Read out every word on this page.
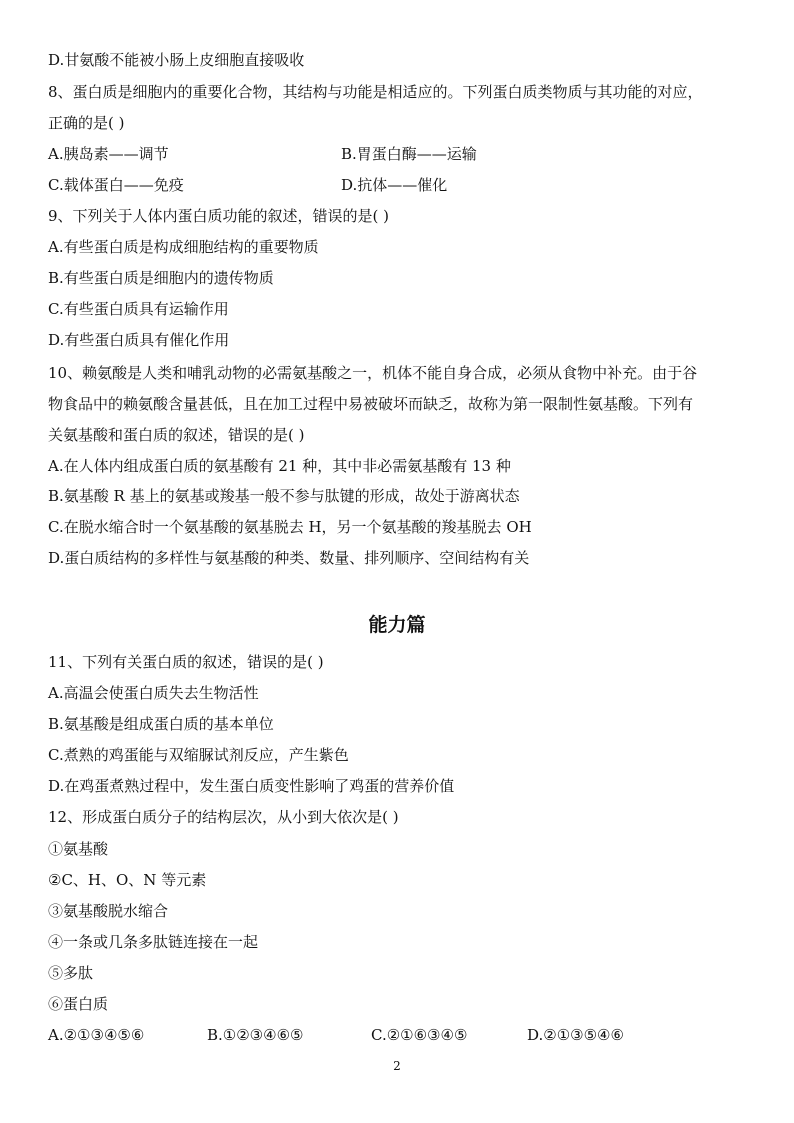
D.甘氨酸不能被小肠上皮细胞直接吸收
8、蛋白质是细胞内的重要化合物，其结构与功能是相适应的。下列蛋白质类物质与其功能的对应，
正确的是( )
A.胰岛素——调节	B.胃蛋白酶——运输
C.载体蛋白——免疫	D.抗体——催化
9、下列关于人体内蛋白质功能的叙述，错误的是( )
A.有些蛋白质是构成细胞结构的重要物质
B.有些蛋白质是细胞内的遗传物质
C.有些蛋白质具有运输作用
D.有些蛋白质具有催化作用
10、赖氨酸是人类和哺乳动物的必需氨基酸之一，机体不能自身合成，必须从食物中补充。由于谷
物食品中的赖氨酸含量甚低，且在加工过程中易被破坏而缺乏，故称为第一限制性氨基酸。下列有
关氨基酸和蛋白质的叙述，错误的是( )
A.在人体内组成蛋白质的氨基酸有 21 种，其中非必需氨基酸有 13 种
B.氨基酸 R 基上的氨基或羧基一般不参与肽键的形成，故处于游离状态
C.在脱水缩合时一个氨基酸的氨基脱去 H，另一个氨基酸的羧基脱去 OH
D.蛋白质结构的多样性与氨基酸的种类、数量、排列顺序、空间结构有关
能力篇
11、下列有关蛋白质的叙述，错误的是( )
A.高温会使蛋白质失去生物活性
B.氨基酸是组成蛋白质的基本单位
C.煮熟的鸡蛋能与双缩脲试剂反应，产生紫色
D.在鸡蛋煮熟过程中，发生蛋白质变性影响了鸡蛋的营养价值
12、形成蛋白质分子的结构层次，从小到大依次是( )
①氨基酸
②C、H、O、N 等元素
③氨基酸脱水缩合
④一条或几条多肽链连接在一起
⑤多肽
⑥蛋白质
A.②①③④⑤⑥	B.①②③④⑥⑤	C.②①⑥③④⑤	D.②①③⑤④⑥
2
